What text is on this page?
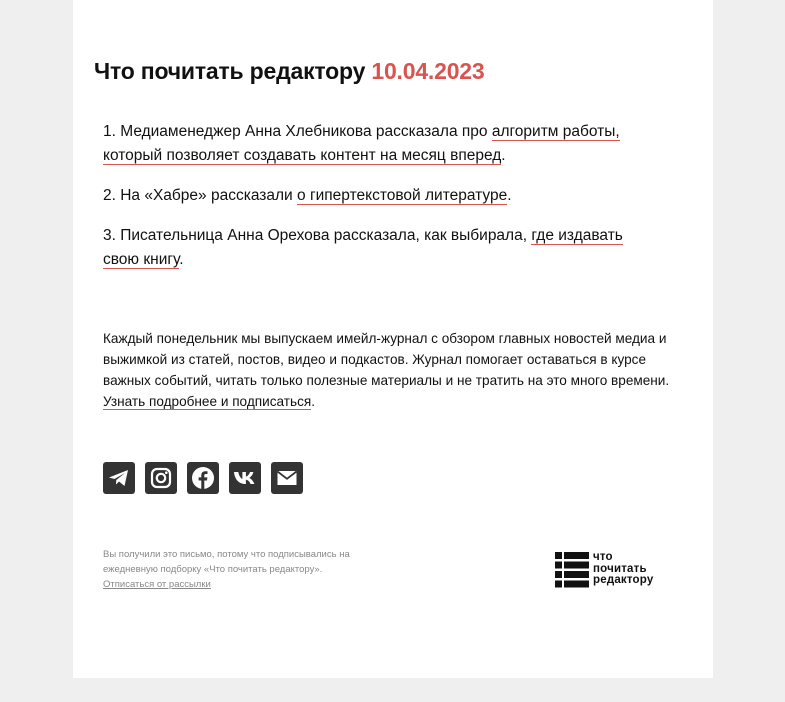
Что почитать редактору 10.04.2023

1. Медиаменеджер Анна Хлебникова рассказала про алгоритм работы, который позволяет создавать контент на месяц вперед.

2. На «Хабре» рассказали о гипертекстовой литературе.

3. Писательница Анна Орехова рассказала, как выбирала, где издавать свою книгу.

Каждый понедельник мы выпускаем имейл-журнал с обзором главных новостей медиа и выжимкой из статей, постов, видео и подкастов. Журнал помогает оставаться в курсе важных событий, читать только полезные материалы и не тратить на это много времени. Узнать подробнее и подписаться.

Вы получили это письмо, потому что подписывались на ежедневную подборку «Что почитать редактору».
Отписаться от рассылки

что
почитать
редактору
